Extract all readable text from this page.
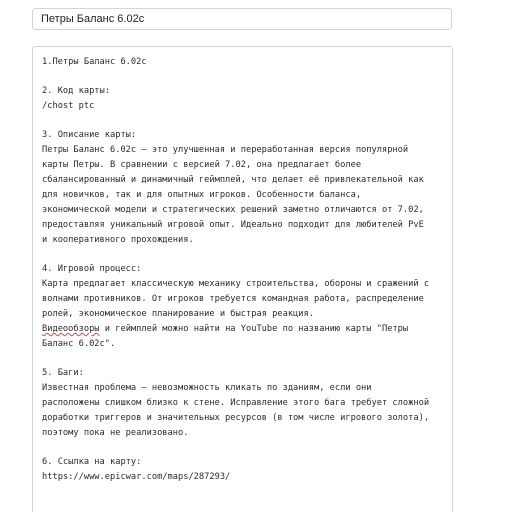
Петры Баланс 6.02c
1.Петры Баланс 6.02c
2. Код карты:
/chost ptc
3. Описание карты:
Петры Баланс 6.02c — это улучшенная и переработанная версия популярной
карты Петры. В сравнении с версией 7.02, она предлагает более
сбалансированный и динамичный геймплей, что делает её привлекательной как
для новичков, так и для опытных игроков. Особенности баланса,
экономической модели и стратегических решений заметно отличаются от 7.02,
предоставляя уникальный игровой опыт. Идеально подходит для любителей PvE
и кооперативного прохождения.
4. Игровой процесс:
Карта предлагает классическую механику строительства, обороны и сражений с
волнами противников. От игроков требуется командная работа, распределение
ролей, экономическое планирование и быстрая реакция.
Видеообзоры и геймплей можно найти на YouTube по названию карты "Петры
Баланс 6.02c".
5. Баги:
Известная проблема — невозможность кликать по зданиям, если они
расположены слишком близко к стене. Исправление этого бага требует сложной
доработки триггеров и значительных ресурсов (в том числе игрового золота),
поэтому пока не реализовано.
6. Ссылка на карту:
https://www.epicwar.com/maps/287293/
